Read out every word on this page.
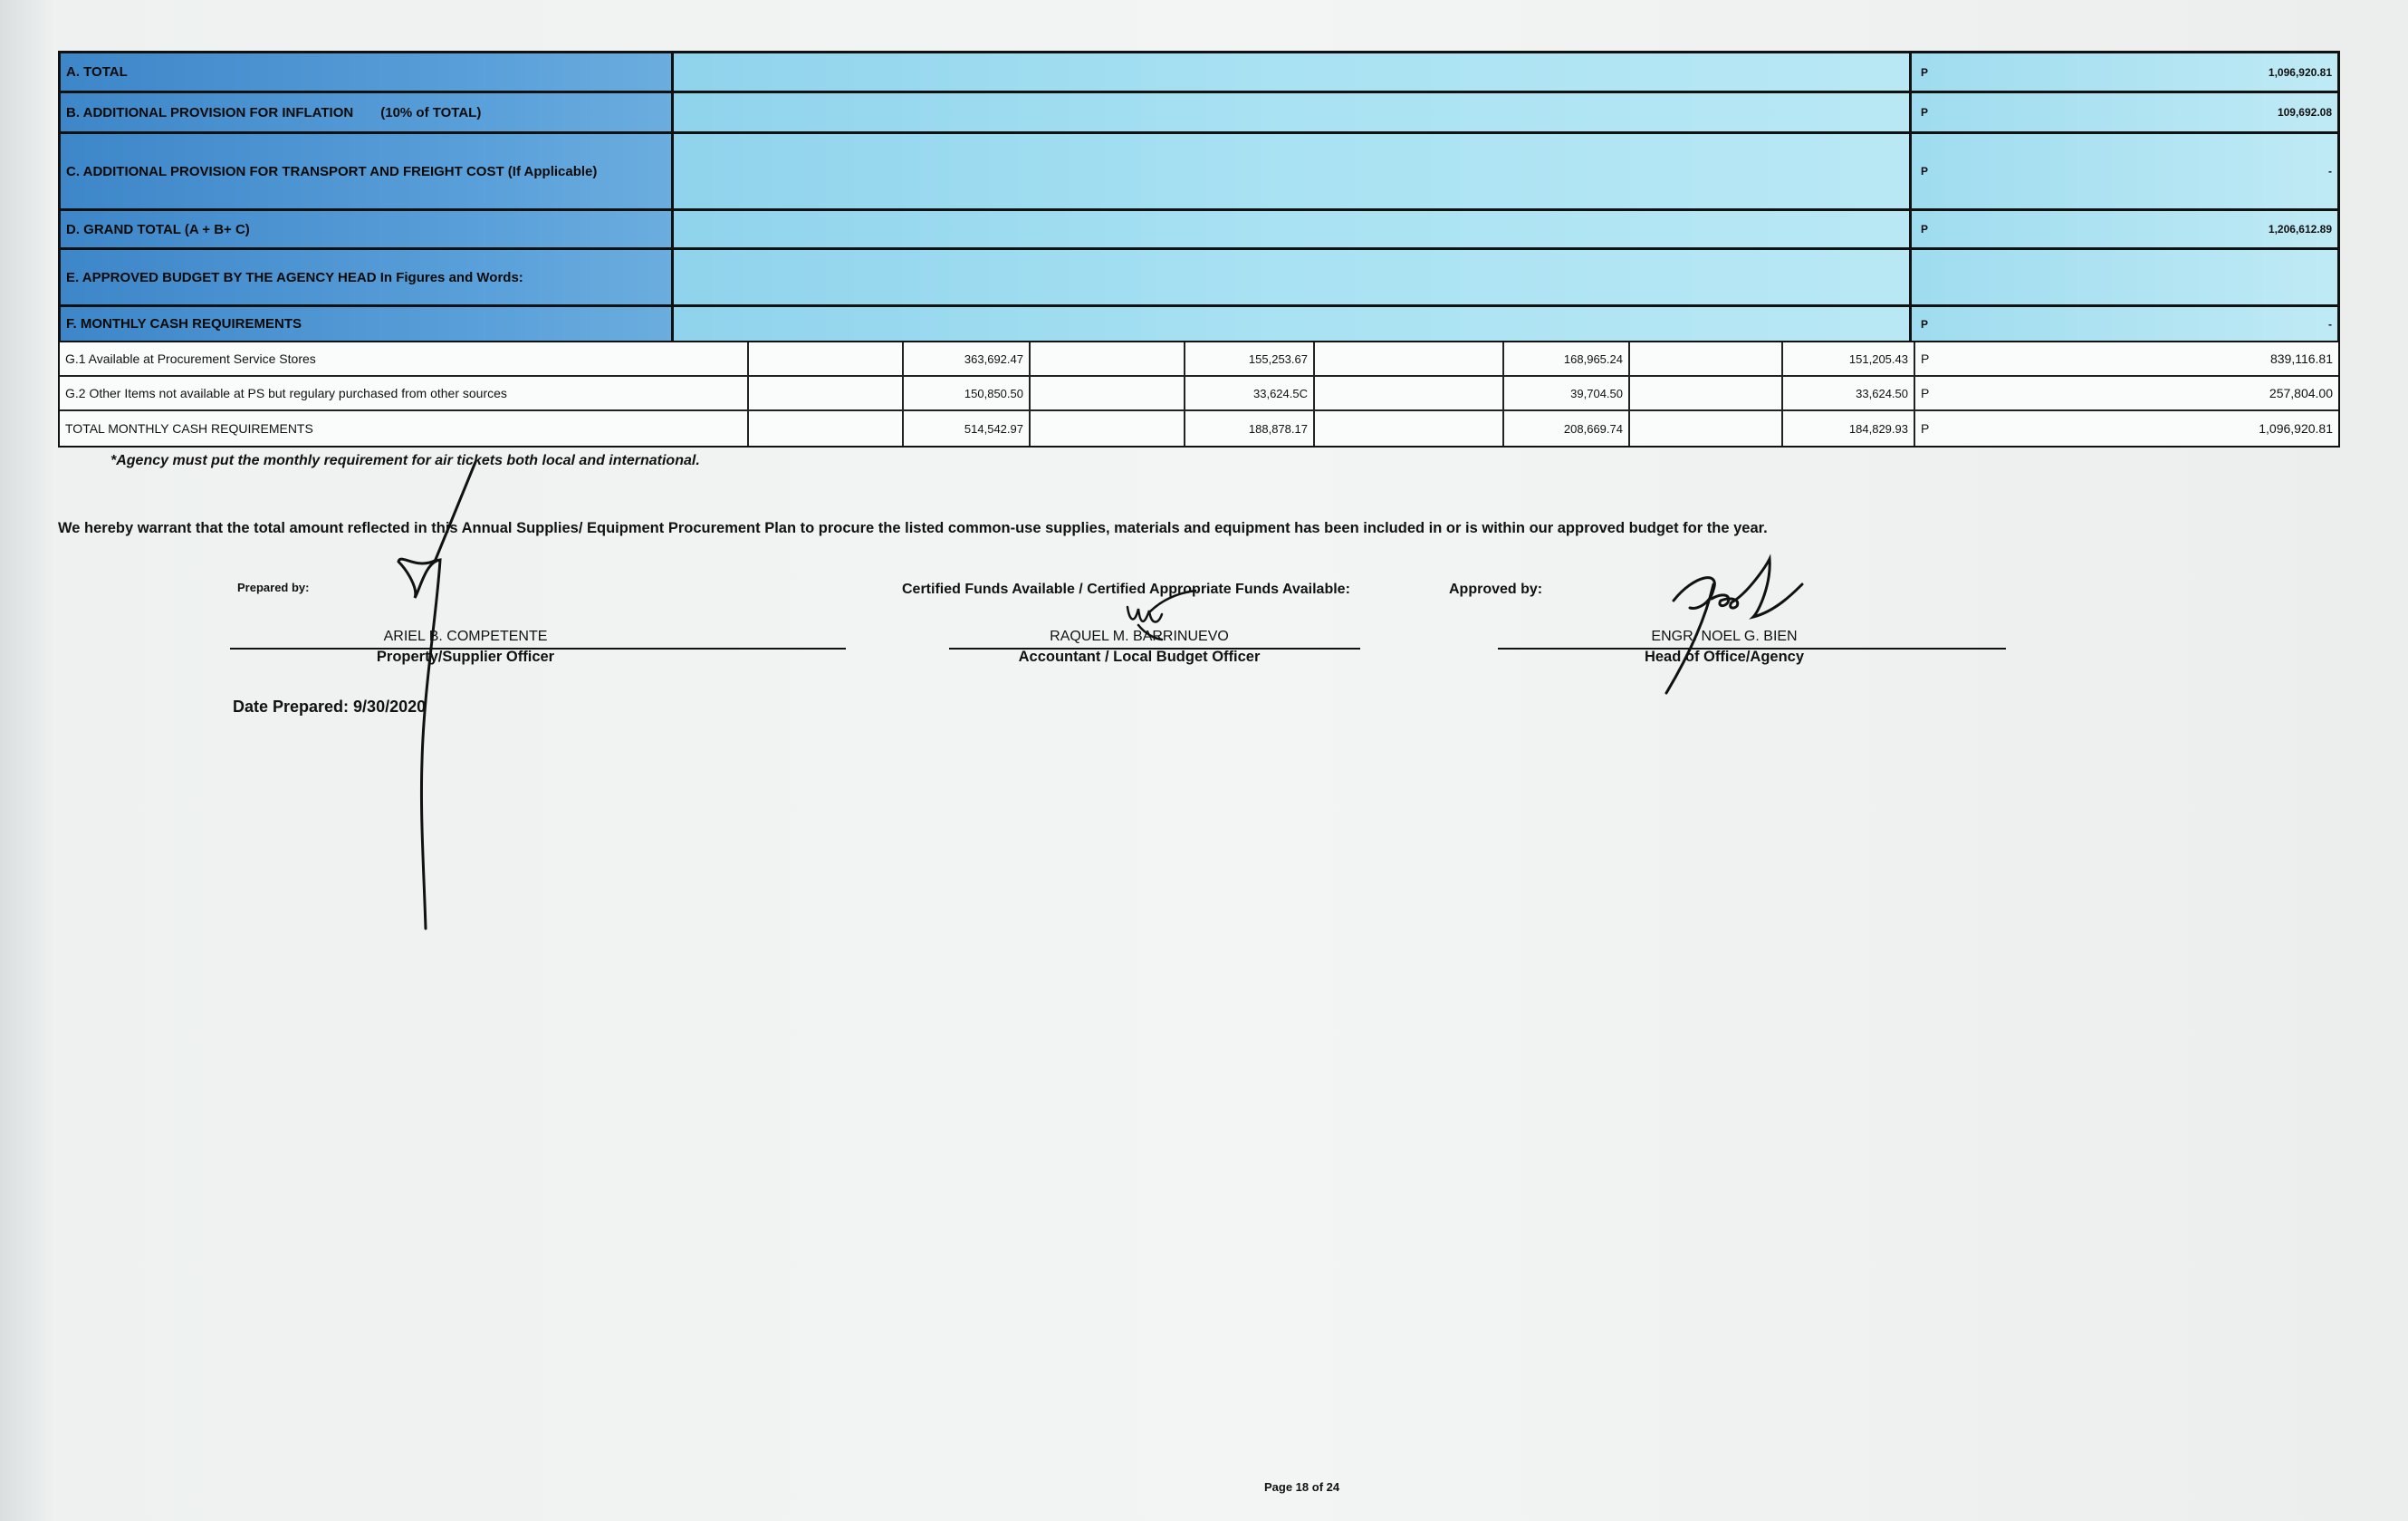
A. TOTAL	P	1,096,920.81
B. ADDITIONAL PROVISION FOR INFLATION (10% of TOTAL)	P	109,692.08
C. ADDITIONAL PROVISION FOR TRANSPORT AND FREIGHT COST (If Applicable)	P	-
D. GRAND TOTAL (A + B+ C)	P	1,206,612.89
E. APPROVED BUDGET BY THE AGENCY HEAD In Figures and Words:
F. MONTHLY CASH REQUIREMENTS	P	-
G.1 Available at Procurement Service Stores	363,692.47	155,253.67	168,965.24	151,205.43	P	839,116.81
G.2 Other Items not available at PS but regulary purchased from other sources	150,850.50	33,624.5C	39,704.50	33,624.50	P	257,804.00
TOTAL MONTHLY CASH REQUIREMENTS	514,542.97	188,878.17	208,669.74	184,829.93	P	1,096,920.81
*Agency must put the monthly requirement for air tickets both local and international.
We hereby warrant that the total amount reflected in this Annual Supplies/ Equipment Procurement Plan to procure the listed common-use supplies, materials and equipment has been included in or is within our approved budget for the year.
Prepared by:
ARIEL B. COMPETENTE
Property/Supplier Officer
Certified Funds Available / Certified Appropriate Funds Available:
RAQUEL M. BARRINUEVO
Accountant / Local Budget Officer
Approved by:
ENGR. NOEL G. BIEN
Head of Office/Agency
Date Prepared: 9/30/2020
Page 18 of 24
